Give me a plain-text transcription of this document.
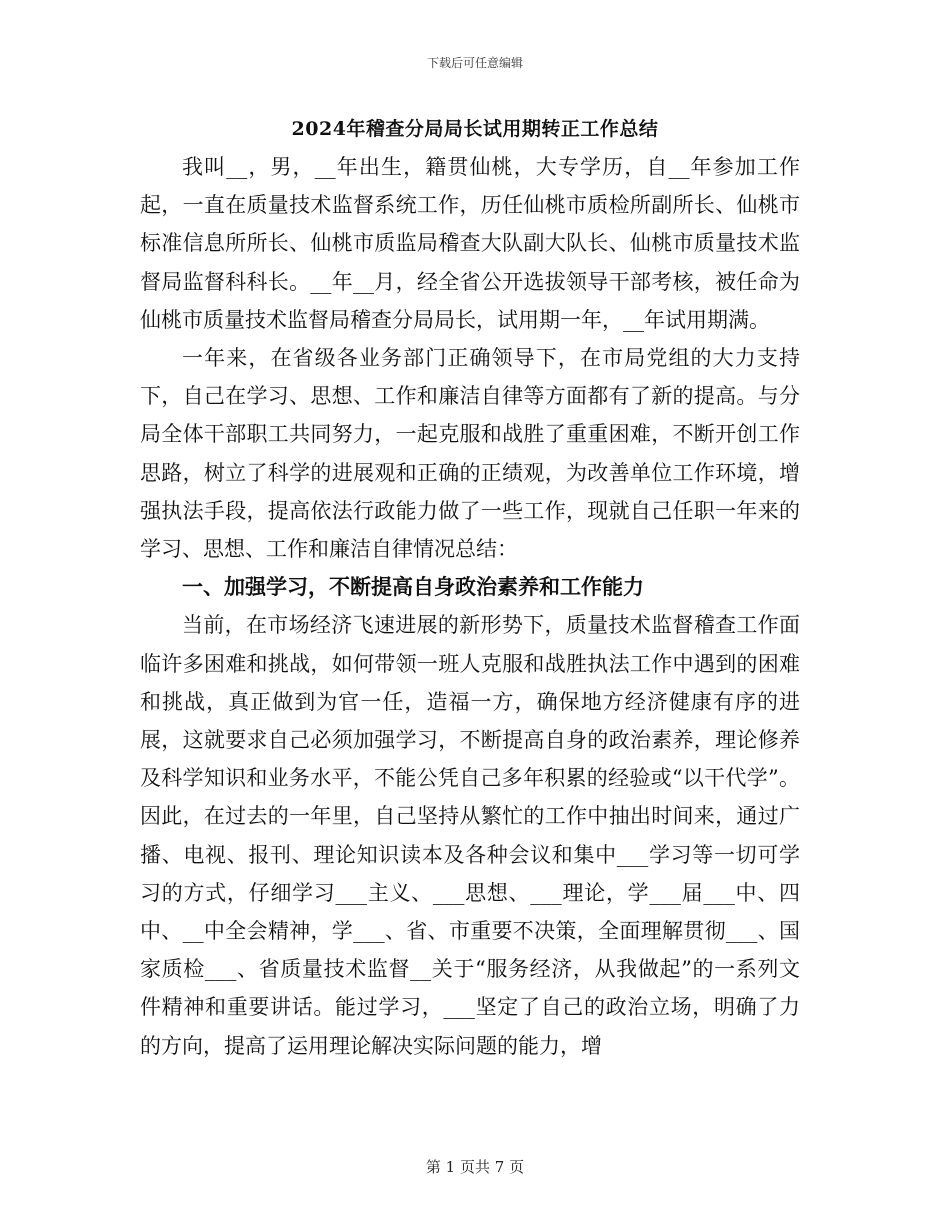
下载后可任意编辑
2024年稽查分局局长试用期转正工作总结

我叫__，男，__年出生，籍贯仙桃，大专学历，自__年参加工作起，一直在质量技术监督系统工作，历任仙桃市质检所副所长、仙桃市标准信息所所长、仙桃市质监局稽查大队副大队长、仙桃市质量技术监督局监督科科长。__年__月，经全省公开选拔领导干部考核，被任命为仙桃市质量技术监督局稽查分局局长，试用期一年，__年试用期满。

一年来，在省级各业务部门正确领导下，在市局党组的大力支持下，自己在学习、思想、工作和廉洁自律等方面都有了新的提高。与分局全体干部职工共同努力，一起克服和战胜了重重困难，不断开创工作思路，树立了科学的进展观和正确的正绩观，为改善单位工作环境，增强执法手段，提高依法行政能力做了一些工作，现就自己任职一年来的学习、思想、工作和廉洁自律情况总结：

一、加强学习，不断提高自身政治素养和工作能力

当前，在市场经济飞速进展的新形势下，质量技术监督稽查工作面临许多困难和挑战，如何带领一班人克服和战胜执法工作中遇到的困难和挑战，真正做到为官一任，造福一方，确保地方经济健康有序的进展，这就要求自己必须加强学习，不断提高自身的政治素养，理论修养及科学知识和业务水平，不能公凭自己多年积累的经验或“以干代学”。因此，在过去的一年里，自己坚持从繁忙的工作中抽出时间来，通过广播、电视、报刊、理论知识读本及各种会议和集中___学习等一切可学习的方式，仔细学习___主义、___思想、___理论，学___届___中、四中、__中全会精神，学___、省、市重要不决策，全面理解贯彻___、国家质检___、省质量技术监督__关于“服务经济，从我做起”的一系列文件精神和重要讲话。能过学习，___坚定了自己的政治立场，明确了力的方向，提高了运用理论解决实际问题的能力，增

第 1 页共 7 页
